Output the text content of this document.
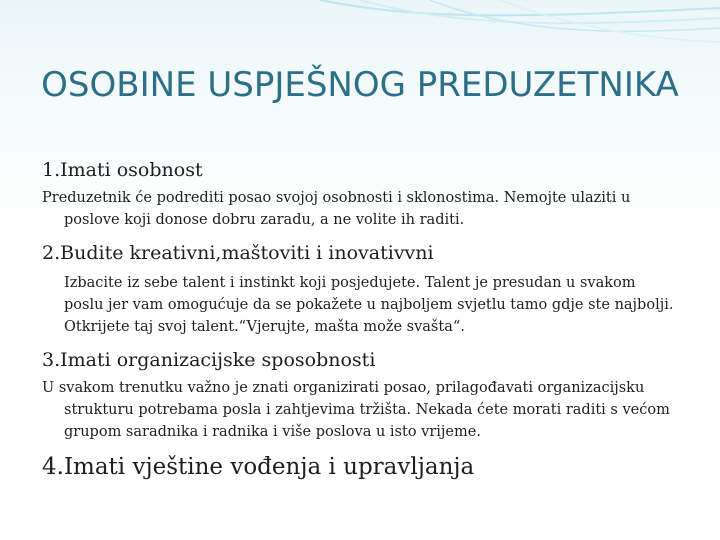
OSOBINE USPJEŠNOG PREDUZETNIKA
1.Imati osobnost

Preduzetnik će podrediti posao svojoj osobnosti i sklonostima. Nemojte ulaziti u poslove koji donose dobru zaradu, a ne volite ih raditi.

2.Budite kreativni,maštoviti i inovativvni

Izbacite iz sebe talent i instinkt koji posjedujete. Talent je presudan u svakom poslu jer vam omogućuje da se pokažete u najboljem svjetlu tamo gdje ste najbolji. Otkrijete taj svoj talent.“Vjerujte, mašta može svašta“.

3.Imati organizacijske sposobnosti

U svakom trenutku važno je znati organizirati posao, prilagođavati organizacijsku strukturu potrebama posla i zahtjevima tržišta. Nekada ćete morati raditi s većom grupom saradnika i radnika i više poslova u isto vrijeme.

4.Imati vještine vođenja i upravljanja
